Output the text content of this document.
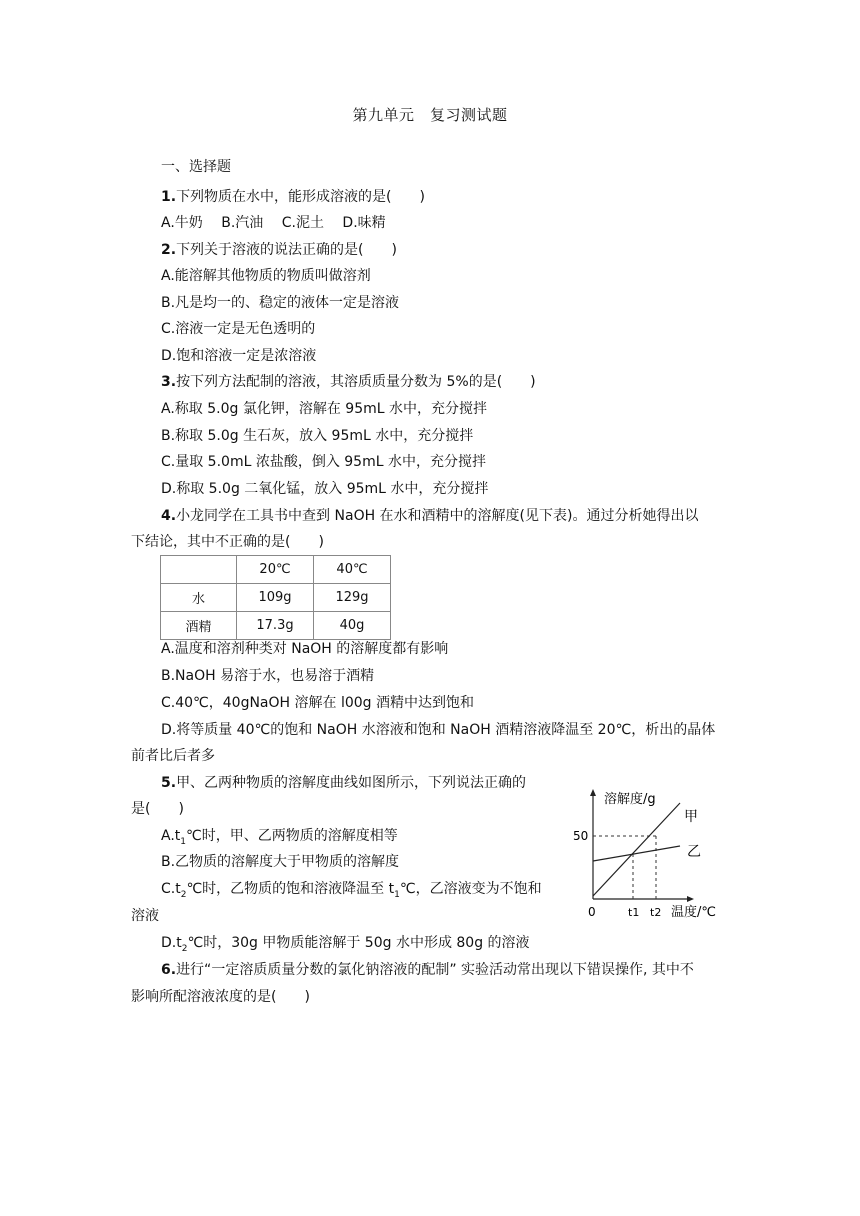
第九单元　复习测试题
一、选择题
1.下列物质在水中，能形成溶液的是(　　)
A.牛奶　 B.汽油　 C.泥土　 D.味精
2.下列关于溶液的说法正确的是(　　)
A.能溶解其他物质的物质叫做溶剂
B.凡是均一的、稳定的液体一定是溶液
C.溶液一定是无色透明的
D.饱和溶液一定是浓溶液
3.按下列方法配制的溶液，其溶质质量分数为 5%的是(　　)
A.称取 5.0g 氯化钾，溶解在 95mL 水中，充分搅拌
B.称取 5.0g 生石灰，放入 95mL 水中，充分搅拌
C.量取 5.0mL 浓盐酸，倒入 95mL 水中，充分搅拌
D.称取 5.0g 二氧化锰，放入 95mL 水中，充分搅拌
4.小龙同学在工具书中查到 NaOH 在水和酒精中的溶解度(见下表)。通过分析她得出以
下结论，其中不正确的是(　　)
	20℃	40℃
水	109g	129g
酒精	17.3g	40g
A.温度和溶剂种类对 NaOH 的溶解度都有影响
B.NaOH 易溶于水，也易溶于酒精
C.40℃，40gNaOH 溶解在 l00g 酒精中达到饱和
D.将等质量 40℃的饱和 NaOH 水溶液和饱和 NaOH 酒精溶液降温至 20℃，析出的晶体
前者比后者多
5.甲、乙两种物质的溶解度曲线如图所示，下列说法正确的
是(　　)
$A.t_1℃$时，甲、乙两物质的溶解度相等
B.乙物质的溶解度大于甲物质的溶解度
$C.t_2℃$时，乙物质的饱和溶液降温至 $t_1℃$，乙溶液变为不饱和
溶液
$D.t_2℃$时，30g 甲物质能溶解于 50g 水中形成 80g 的溶液
6.进行“一定溶质质量分数的氯化钠溶液的配制” 实验活动常出现以下错误操作, 其中不
影响所配溶液浓度的是(　　)
溶解度/g
50
0	t1 t2 温度/℃
甲
乙
